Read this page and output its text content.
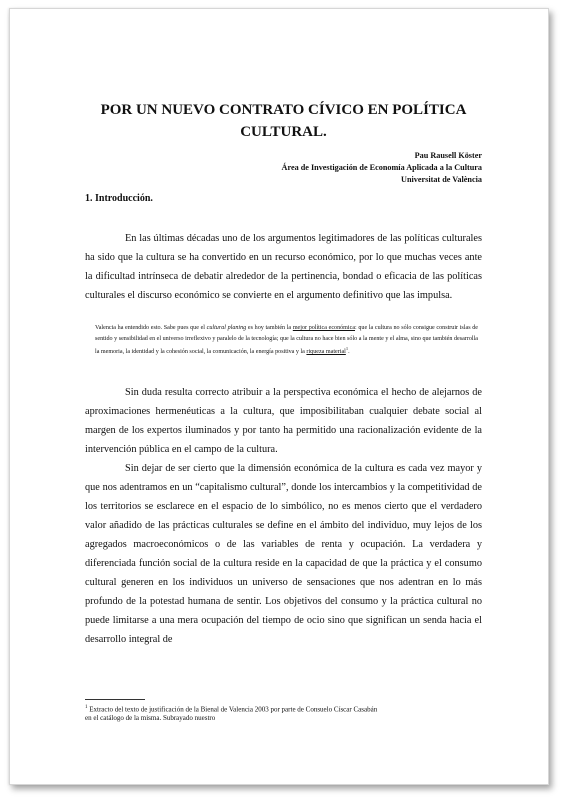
POR UN NUEVO CONTRATO CÍVICO EN POLÍTICA
CULTURAL.

Pau Rausell Köster
Área de Investigación de Economía Aplicada a la Cultura
Universitat de València
1. Introducción.

En las últimas décadas uno de los argumentos legitimadores de las políticas culturales ha sido que la cultura se ha convertido en un recurso económico, por lo que muchas veces ante la dificultad intrínseca de debatir alrededor de la pertinencia, bondad o eficacia de las políticas culturales el discurso económico se convierte en el argumento definitivo que las impulsa.

Valencia ha entendido esto. Sabe pues que el cultural planing es hoy también la mejor política económica: que la cultura no sólo consigue construir islas de sentido y sensibilidad en el universo irreflexivo y paralelo de la tecnología; que la cultura no hace bien sólo a la mente y el alma, sino que también desarrolla la memoria, la identidad y la cohesión social, la comunicación, la energía positiva y la riqueza material$^1$.

Sin duda resulta correcto atribuir a la perspectiva económica el hecho de alejarnos de aproximaciones hermenéuticas a la cultura, que imposibilitaban cualquier debate social al margen de los expertos iluminados y por tanto ha permitido una racionalización evidente de la intervención pública en el campo de la cultura.

Sin dejar de ser cierto que la dimensión económica de la cultura es cada vez mayor y que nos adentramos en un “capitalismo cultural”, donde los intercambios y la competitividad de los territorios se esclarece en el espacio de lo simbólico, no es menos cierto que el verdadero valor añadido de las prácticas culturales se define en el ámbito del individuo, muy lejos de los agregados macroeconómicos o de las variables de renta y ocupación. La verdadera y diferenciada función social de la cultura reside en la capacidad de que la práctica y el consumo cultural generen en los individuos un universo de sensaciones que nos adentran en lo más profundo de la potestad humana de sentir. Los objetivos del consumo y la práctica cultural no puede limitarse a una mera ocupación del tiempo de ocio sino que significan un senda hacia el desarrollo integral de

$^1$ Extracto del texto de justificación de la Bienal de Valencia 2003 por parte de Consuelo Císcar Casabán
en el catálogo de la misma. Subrayado nuestro
